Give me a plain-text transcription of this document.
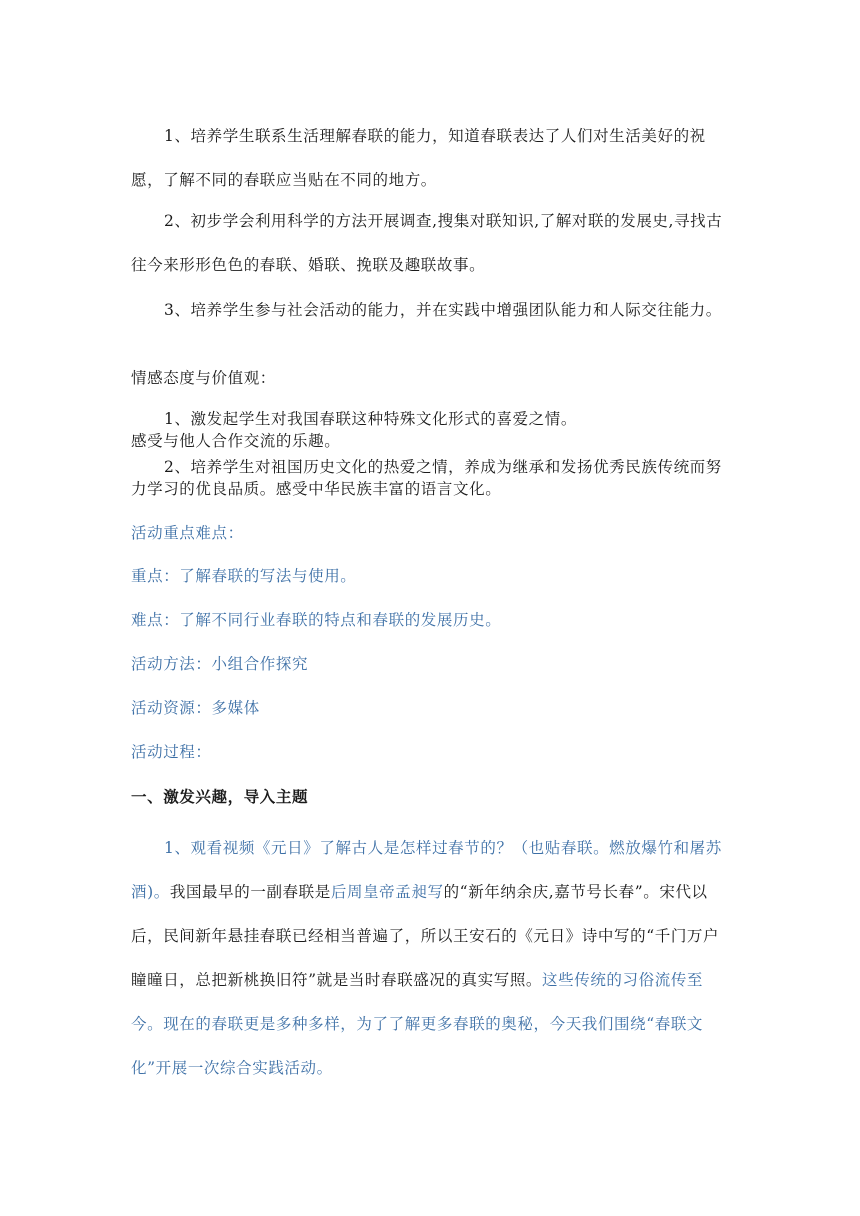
1、培养学生联系生活理解春联的能力，知道春联表达了人们对生活美好的祝愿，了解不同的春联应当贴在不同的地方。

2、初步学会利用科学的方法开展调查,搜集对联知识,了解对联的发展史,寻找古往今来形形色色的春联、婚联、挽联及趣联故事。

3、培养学生参与社会活动的能力，并在实践中增强团队能力和人际交往能力。

情感态度与价值观：

1、激发起学生对我国春联这种特殊文化形式的喜爱之情。

感受与他人合作交流的乐趣。

2、培养学生对祖国历史文化的热爱之情，养成为继承和发扬优秀民族传统而努力学习的优良品质。感受中华民族丰富的语言文化。

活动重点难点：

重点：了解春联的写法与使用。

难点：了解不同行业春联的特点和春联的发展历史。

活动方法：小组合作探究

活动资源：多媒体

活动过程：

一、激发兴趣，导入主题

1、观看视频《元日》了解古人是怎样过春节的？（也贴春联。燃放爆竹和屠苏酒)。我国最早的一副春联是后周皇帝孟昶写的“新年纳余庆,嘉节号长春”。宋代以后，民间新年悬挂春联已经相当普遍了，所以王安石的《元日》诗中写的“千门万户瞳曈日，总把新桃换旧符”就是当时春联盛况的真实写照。这些传统的习俗流传至今。现在的春联更是多种多样，为了了解更多春联的奥秘，今天我们围绕“春联文化”开展一次综合实践活动。
